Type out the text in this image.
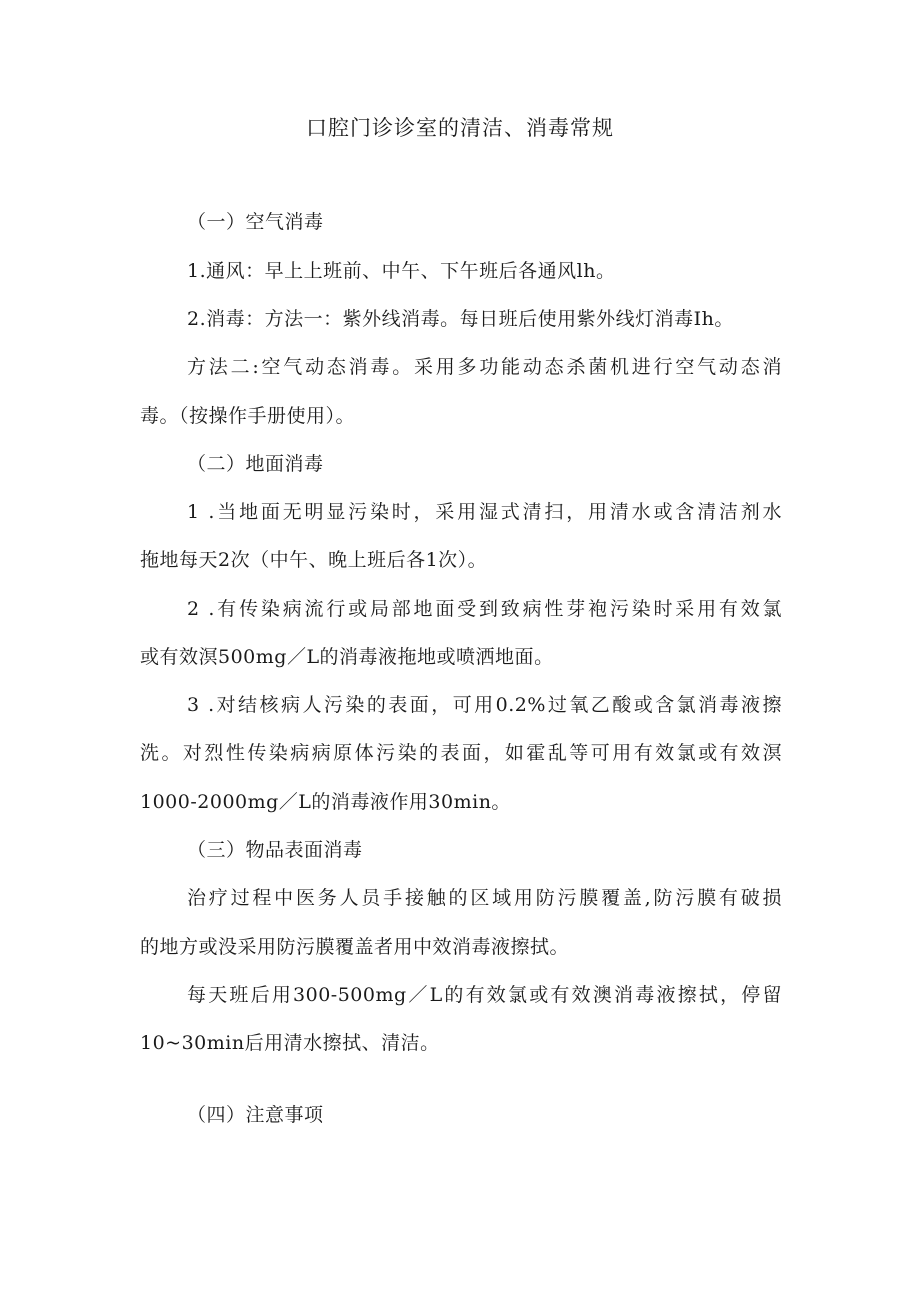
口腔门诊诊室的清洁、消毒常规

（一）空气消毒

1.通风：早上上班前、中午、下午班后各通风lh。

2.消毒：方法一：紫外线消毒。每日班后使用紫外线灯消毒Ih。

方法二:空气动态消毒。采用多功能动态杀菌机进行空气动态消

毒。（按操作手册使用）。

（二）地面消毒

1 .当地面无明显污染时，采用湿式清扫，用清水或含清洁剂水

拖地每天2次（中午、晚上班后各1次）。

2 .有传染病流行或局部地面受到致病性芽袍污染时采用有效氯

或有效溟500mg／L的消毒液拖地或喷洒地面。

3 .对结核病人污染的表面，可用0.2%过氧乙酸或含氯消毒液擦

洗。对烈性传染病病原体污染的表面，如霍乱等可用有效氯或有效溟

1000-2000mg／L的消毒液作用30min。

（三）物品表面消毒

治疗过程中医务人员手接触的区域用防污膜覆盖,防污膜有破损

的地方或没采用防污膜覆盖者用中效消毒液擦拭。

每天班后用300-500mg／L的有效氯或有效澳消毒液擦拭，停留

10~30min后用清水擦拭、清洁。

（四）注意事项
